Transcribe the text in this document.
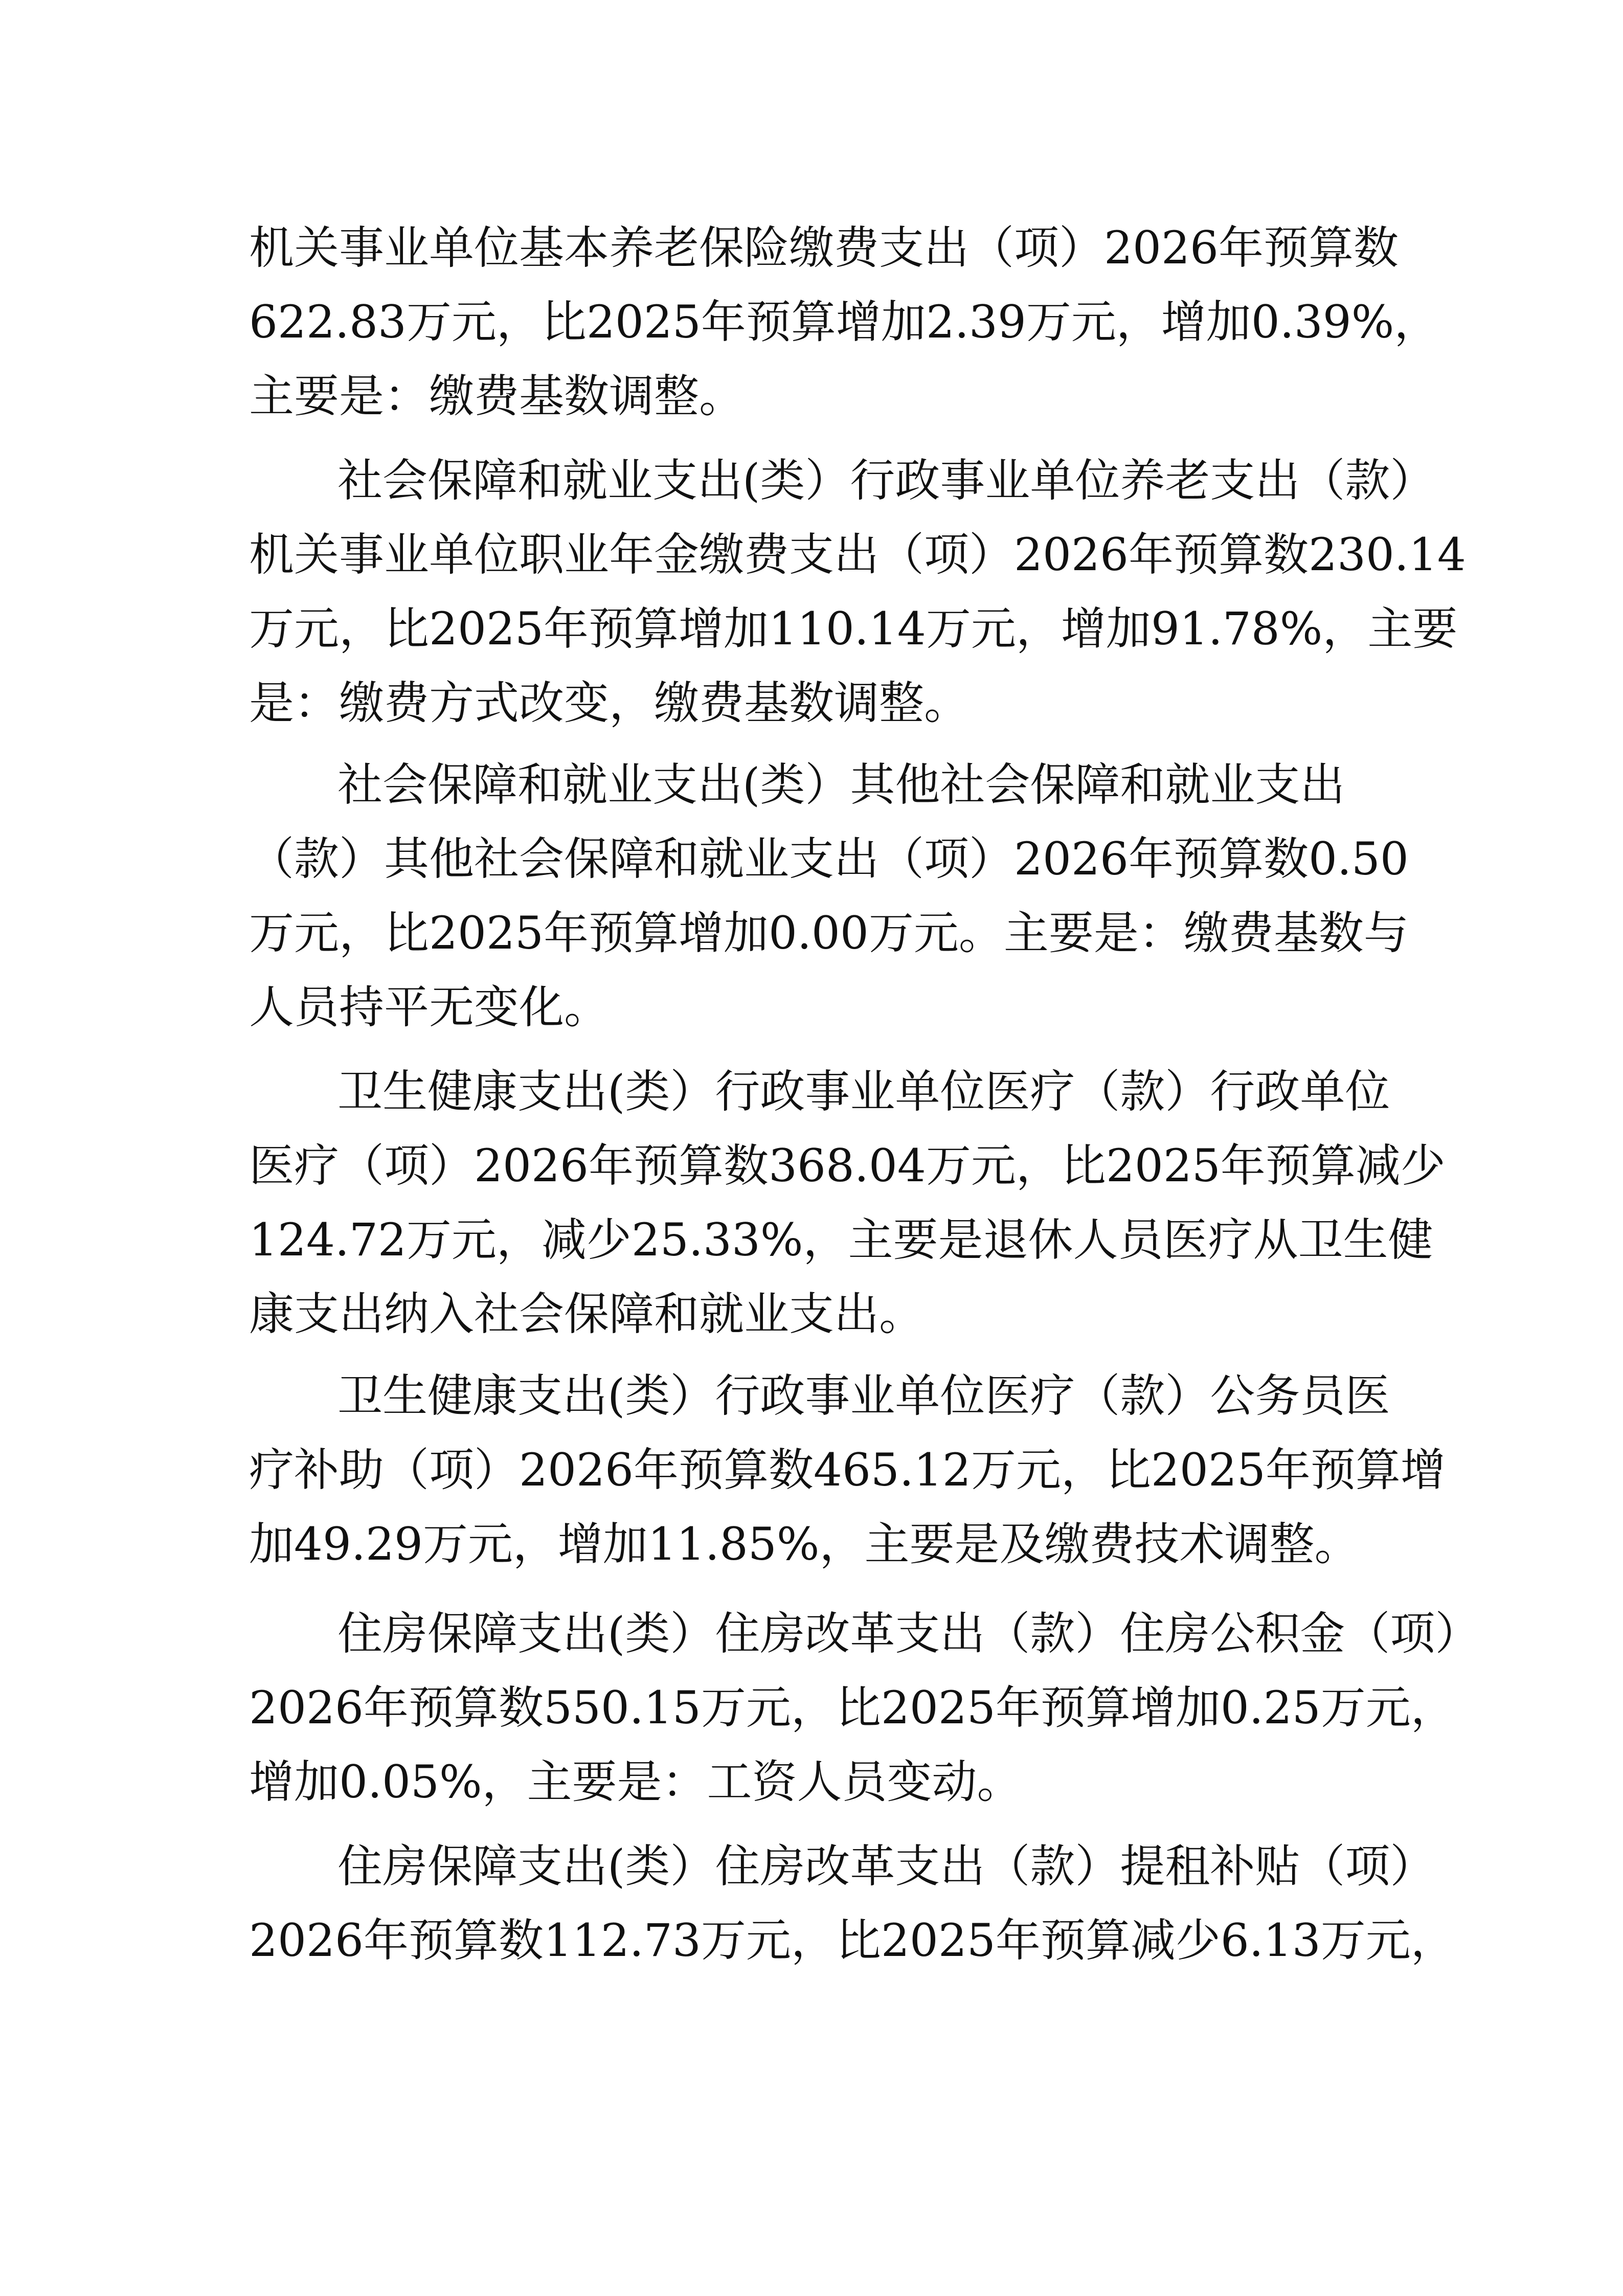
机关事业单位基本养老保险缴费支出（项）2026年预算数
622.83万元，比2025年预算增加2.39万元，增加0.39%，
主要是：缴费基数调整。
社会保障和就业支出(类）行政事业单位养老支出（款）
机关事业单位职业年金缴费支出（项）2026年预算数230.14
万元，比2025年预算增加110.14万元，增加91.78%，主要
是：缴费方式改变，缴费基数调整。
社会保障和就业支出(类）其他社会保障和就业支出
（款）其他社会保障和就业支出（项）2026年预算数0.50
万元，比2025年预算增加0.00万元。主要是：缴费基数与
人员持平无变化。
卫生健康支出(类）行政事业单位医疗（款）行政单位
医疗（项）2026年预算数368.04万元，比2025年预算减少
124.72万元，减少25.33%，主要是退休人员医疗从卫生健
康支出纳入社会保障和就业支出。
卫生健康支出(类）行政事业单位医疗（款）公务员医
疗补助（项）2026年预算数465.12万元，比2025年预算增
加49.29万元，增加11.85%，主要是及缴费技术调整。
住房保障支出(类）住房改革支出（款）住房公积金（项）
2026年预算数550.15万元，比2025年预算增加0.25万元，
增加0.05%，主要是：工资人员变动。
住房保障支出(类）住房改革支出（款）提租补贴（项）
2026年预算数112.73万元，比2025年预算减少6.13万元，
